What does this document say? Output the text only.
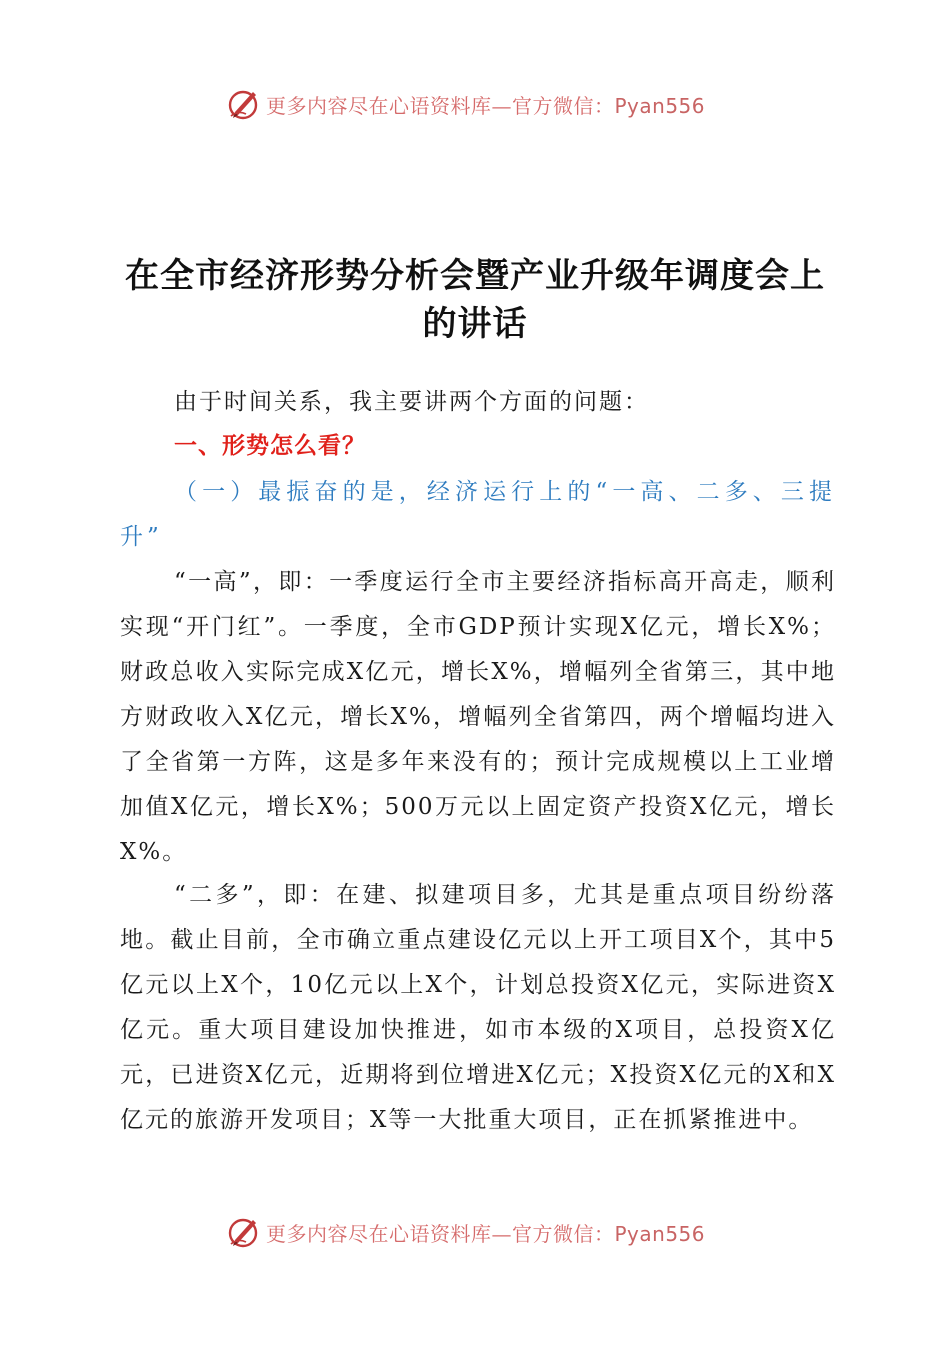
更多内容尽在心语资料库—官方微信：Pyan556
在全市经济形势分析会暨产业升级年调度会上
的讲话
由于时间关系，我主要讲两个方面的问题：
一、形势怎么看？
（一）最振奋的是，经济运行上的“一高、二多、三提升”
“一高”，即：一季度运行全市主要经济指标高开高走，顺利实现“开门红”。一季度，全市GDP预计实现X亿元，增长X%；财政总收入实际完成X亿元，增长X%，增幅列全省第三，其中地方财政收入X亿元，增长X%，增幅列全省第四，两个增幅均进入了全省第一方阵，这是多年来没有的；预计完成规模以上工业增加值X亿元，增长X%；500万元以上固定资产投资X亿元，增长X%。
“二多”，即：在建、拟建项目多，尤其是重点项目纷纷落地。截止目前，全市确立重点建设亿元以上开工项目X个，其中5亿元以上X个，10亿元以上X个，计划总投资X亿元，实际进资X亿元。重大项目建设加快推进，如市本级的X项目，总投资X亿元，已进资X亿元，近期将到位增进X亿元；X投资X亿元的X和X亿元的旅游开发项目；X等一大批重大项目，正在抓紧推进中。
更多内容尽在心语资料库—官方微信：Pyan556
